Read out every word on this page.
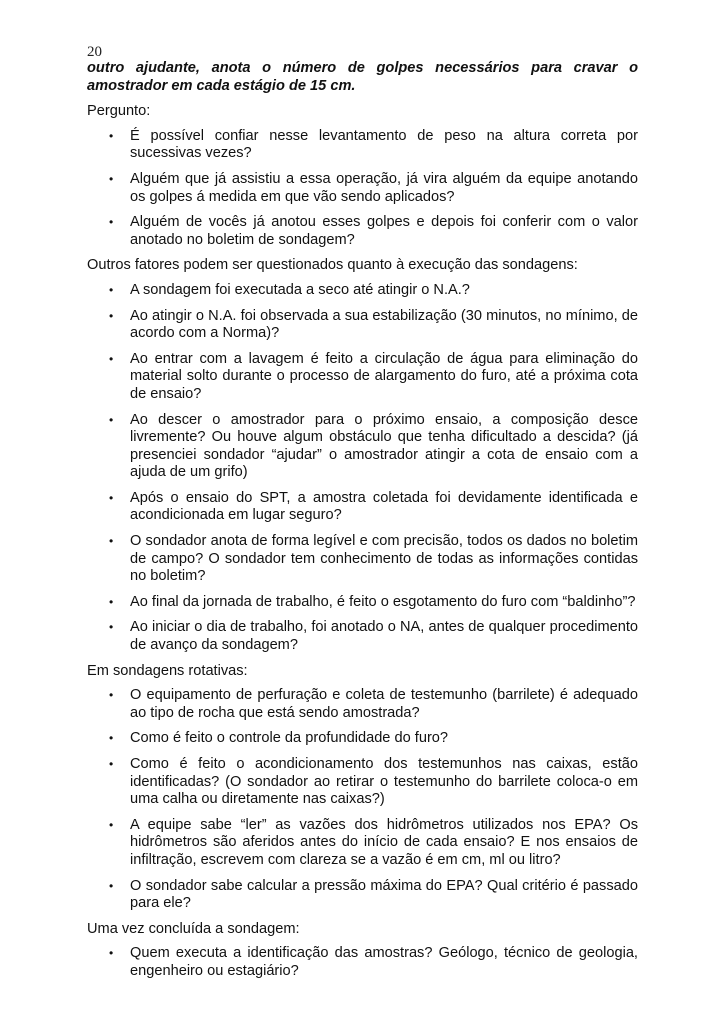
20

outro ajudante, anota o número de golpes necessários para cravar o amostrador em cada estágio de 15 cm.

Pergunto:

• É possível confiar nesse levantamento de peso na altura correta por sucessivas vezes?
• Alguém que já assistiu a essa operação, já vira alguém da equipe anotando os golpes á medida em que vão sendo aplicados?
• Alguém de vocês já anotou esses golpes e depois foi conferir com o valor anotado no boletim de sondagem?

Outros fatores podem ser questionados quanto à execução das sondagens:

• A sondagem foi executada a seco até atingir o N.A.?
• Ao atingir o N.A. foi observada a sua estabilização (30 minutos, no mínimo, de acordo com a Norma)?
• Ao entrar com a lavagem é feito a circulação de água para eliminação do material solto durante o processo de alargamento do furo, até a próxima cota de ensaio?
• Ao descer o amostrador para o próximo ensaio, a composição desce livremente? Ou houve algum obstáculo que tenha dificultado a descida? (já presenciei sondador “ajudar” o amostrador atingir a cota de ensaio com a ajuda de um grifo)
• Após o ensaio do SPT, a amostra coletada foi devidamente identificada e acondicionada em lugar seguro?
• O sondador anota de forma legível e com precisão, todos os dados no boletim de campo? O sondador tem conhecimento de todas as informações contidas no boletim?
• Ao final da jornada de trabalho, é feito o esgotamento do furo com “baldinho”?
• Ao iniciar o dia de trabalho, foi anotado o NA, antes de qualquer procedimento de avanço da sondagem?

Em sondagens rotativas:

• O equipamento de perfuração e coleta de testemunho (barrilete) é adequado ao tipo de rocha que está sendo amostrada?
• Como é feito o controle da profundidade do furo?
• Como é feito o acondicionamento dos testemunhos nas caixas, estão identificadas? (O sondador ao retirar o testemunho do barrilete coloca-o em uma calha ou diretamente nas caixas?)
• A equipe sabe “ler” as vazões dos hidrômetros utilizados nos EPA? Os hidrômetros são aferidos antes do início de cada ensaio? E nos ensaios de infiltração, escrevem com clareza se a vazão é em cm, ml ou litro?
• O sondador sabe calcular a pressão máxima do EPA? Qual critério é passado para ele?

Uma vez concluída a sondagem:

• Quem executa a identificação das amostras? Geólogo, técnico de geologia, engenheiro ou estagiário?
